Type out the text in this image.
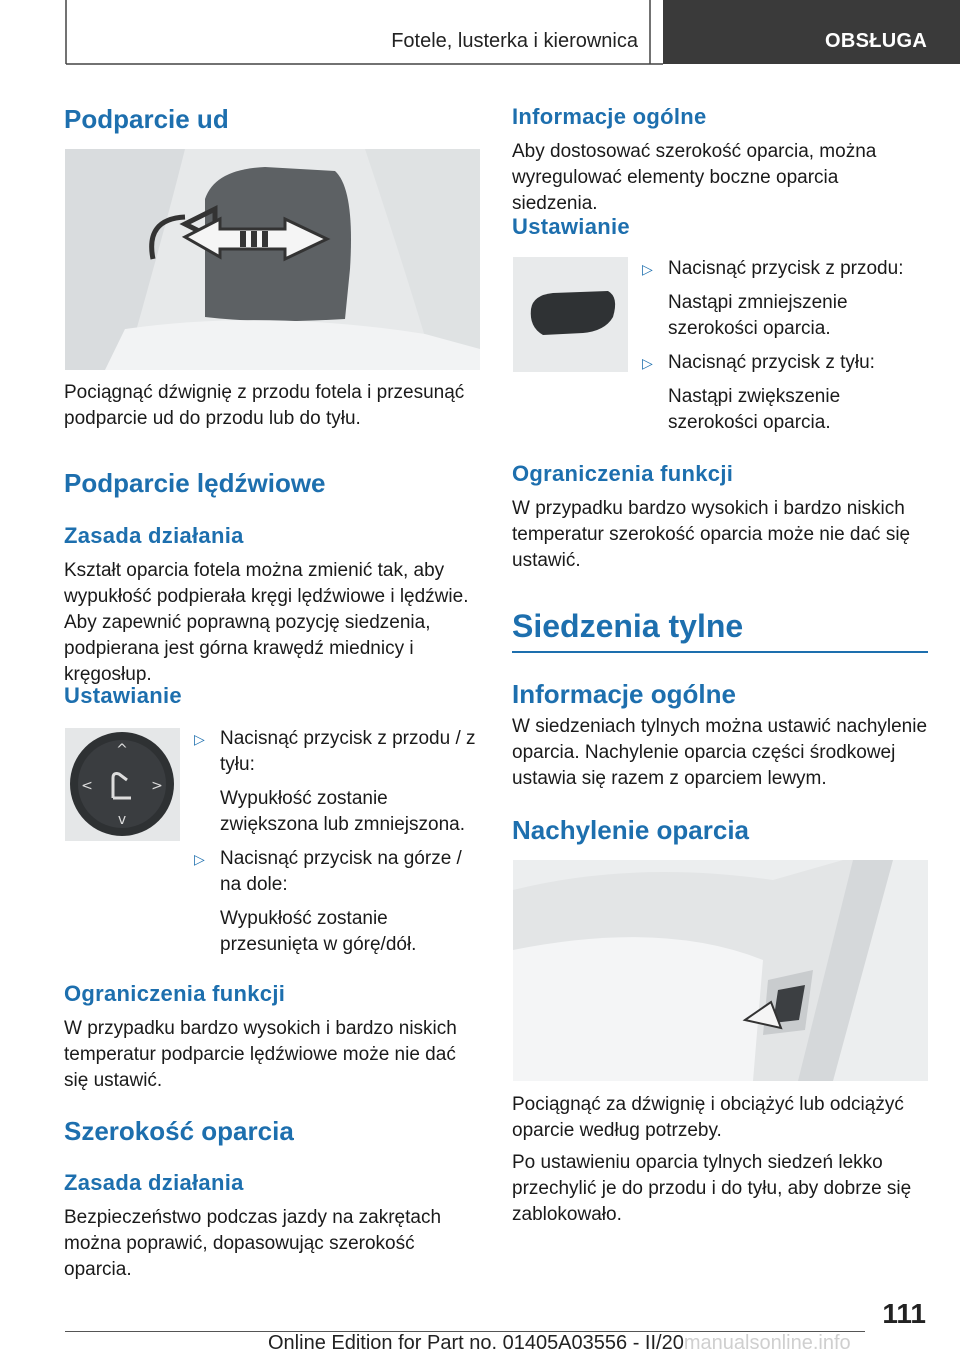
Fotele, lusterka i kierownica	OBSŁUGA
Podparcie ud

Pociągnąć dźwignię z przodu fotela i przesunąć podparcie ud do przodu lub do tyłu.

Podparcie lędźwiowe
Zasada działania

Kształt oparcia fotela można zmienić tak, aby wypukłość podpierała kręgi lędźwiowe i lędźwie. Aby zapewnić poprawną pozycję siedzenia, podpierana jest górna krawędź miednicy i kręgosłup.

Ustawianie
^
v
<	>
▷ Nacisnąć przycisk z przodu / z tyłu:
Wypukłość zostanie zwiększona lub zmniejszona.
▷ Nacisnąć przycisk na górze / na dole:
Wypukłość zostanie przesunięta w górę/dół.
Ograniczenia funkcji

W przypadku bardzo wysokich i bardzo niskich temperatur podparcie lędźwiowe może nie dać się ustawić.

Szerokość oparcia
Zasada działania

Bezpieczeństwo podczas jazdy na zakrętach można poprawić, dopasowując szerokość oparcia.

Informacje ogólne

Aby dostosować szerokość oparcia, można wyregulować elementy boczne oparcia siedzenia.

Ustawianie
▷ Nacisnąć przycisk z przodu:
Nastąpi zmniejszenie szerokości oparcia.
▷ Nacisnąć przycisk z tyłu:
Nastąpi zwiększenie szerokości oparcia.
Ograniczenia funkcji

W przypadku bardzo wysokich i bardzo niskich temperatur szerokość oparcia może nie dać się ustawić.

Siedzenia tylne
Informacje ogólne

W siedzeniach tylnych można ustawić nachylenie oparcia. Nachylenie oparcia części środkowej ustawia się razem z oparciem lewym.

Nachylenie oparcia

Pociągnąć za dźwignię i obciążyć lub odciążyć oparcie według potrzeby.

Po ustawieniu oparcia tylnych siedzeń lekko przechylić je do przodu i do tyłu, aby dobrze się zablokowało.

111
Online Edition for Part no. 01405A03556 - II/20manualsonline.info
